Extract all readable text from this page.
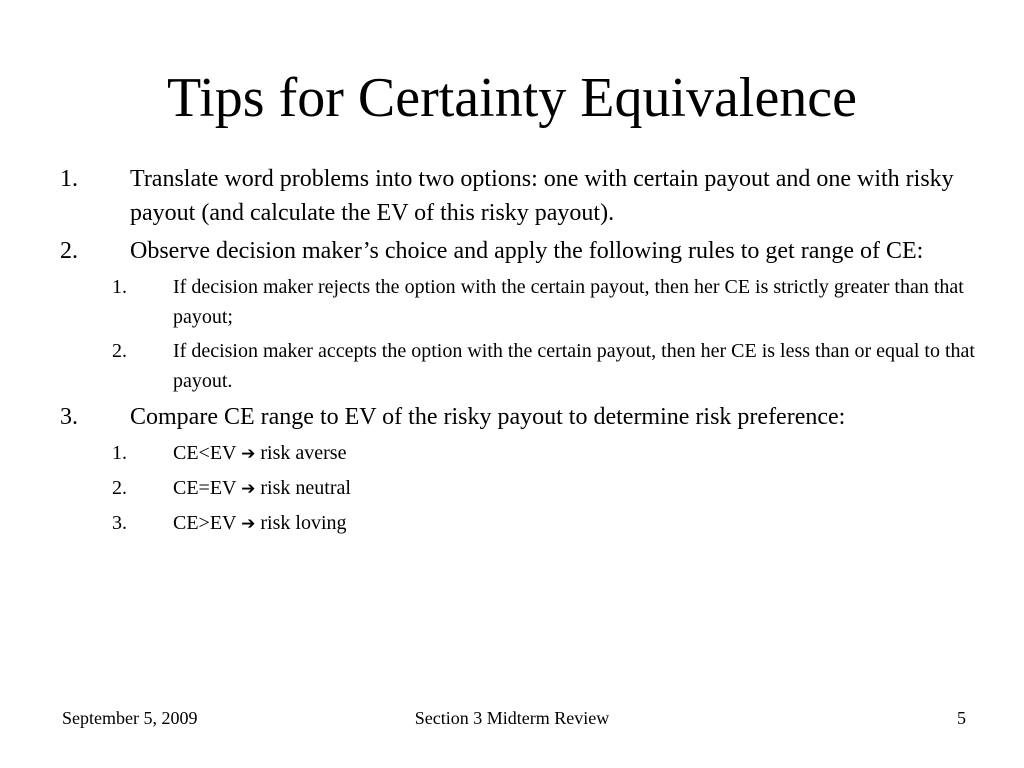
Tips for Certainty Equivalence
1. Translate word problems into two options: one with certain payout and one with risky payout (and calculate the EV of this risky payout).
2. Observe decision maker’s choice and apply the following rules to get range of CE:
1. If decision maker rejects the option with the certain payout, then her CE is strictly greater than that payout;
2. If decision maker accepts the option with the certain payout, then her CE is less than or equal to that payout.
3. Compare CE range to EV of the risky payout to determine risk preference:
1. CE<EV ➔ risk averse
2. CE=EV ➔ risk neutral
3. CE>EV ➔ risk loving
September 5, 2009	Section 3 Midterm Review	5
